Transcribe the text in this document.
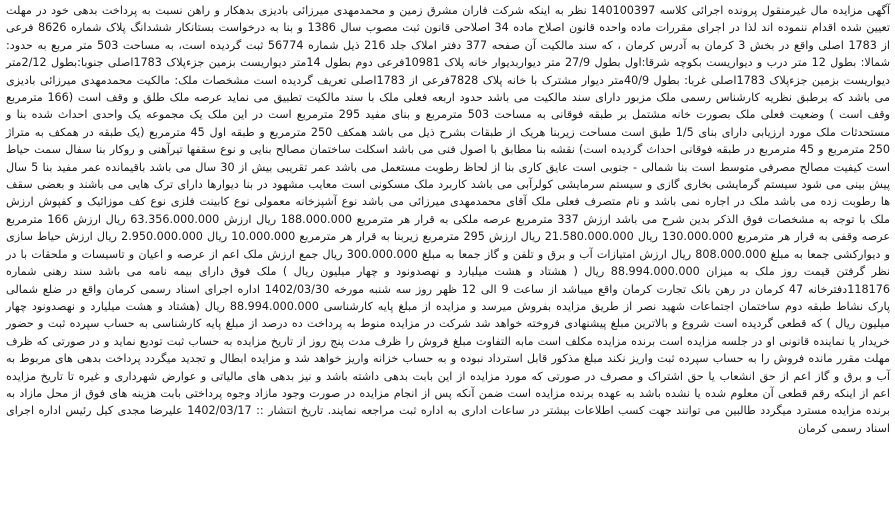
آگهی مزایده مال غیرمنقول پرونده اجرائی کلاسه 140100397 نظر به اینکه شرکت فاران مشرق زمین و محمدمهدی میرزائی بادیزی بدهکار و راهن نسبت به پرداخت بدهی خود در مهلت تعیین شده اقدام ننموده اند لذا در اجرای مقررات ماده واحده قانون اصلاح ماده 34 اصلاحی قانون ثبت مصوب سال 1386 و بنا به درخواست بستانکار ششدانگ پلاک شماره 8626 فرعی از 1783 اصلی واقع در بخش 3 کرمان به آدرس کرمان ، که سند مالکیت آن صفحه 377 دفتر املاک جلد 216 ذیل شماره 56774 ثبت گردیده است، به مساحت 503 متر مربع به حدود: شمالا: بطول 12 متر درب و دیواریست بکوچه شرقا:اول بطول 27/9 متر دیواربدیوار خانه پلاک 10981فرعی دوم بطول 14متر دیواریست بزمین جزءپلاک 1783اصلی جنوبا:بطول 2/12متر دیواریست بزمین جزءپلاک 1783اصلی غربا: بطول 40/9متر دیوار مشترک با خانه پلاک 7828فرعی از 1783اصلی تعریف گردیده است مشخصات ملک: مالکیت محمدمهدی میرزائی بادیزی می باشد که برطبق نظریه کارشناس رسمی ملک مزبور دارای سند مالکیت می باشد حدود اربعه فعلی ملک با سند مالکیت تطبیق می نماید عرصه ملک طلق و وقف است (166 مترمربع وقف است ) وضعیت فعلی ملک بصورت خانه مشتمل بر طبقه فوقانی به مساحت 503 مترمربع و بنای مفید 295 مترمربع است در این ملک یک مجموعه یک واحدی احداث شده بنا و مستحدثات ملک مورد ارزیابی دارای بنای 1/5 طبق است مساحت زیربنا هریک از طبقات بشرح ذیل می باشد همکف 250 مترمربع و طبقه اول 45 مترمربع (یک طبقه در همکف به متراژ 250 مترمربع و 45 مترمربع در طبقه فوقانی احداث گردیده است) نقشه بنا مطابق با اصول فنی می باشد اسکلت ساختمان مصالح بنایی و نوع سقفها تیرآهنی و روکار بنا سفال سمت حیاط است کیفیت مصالح مصرفی متوسط است بنا شمالی - جنوبی است عایق کاری بنا از لحاظ رطوبت مستعمل می باشد عمر تقریبی بیش از 30 سال می باشد باقیمانده عمر مفید بنا 5 سال پیش بینی می شود سیستم گرمایشی بخاری گازی و سیستم سرمایشی کولرآبی می باشد کاربرد ملک مسکونی است معایب مشهود در بنا دیوارها دارای ترک هایی می باشند و بعضی سقف ها رطوبت زده می باشد ملک در اجاره نمی باشد و نام متصرف فعلی ملک آقای محمدمهدی میرزائی می باشد نوع آشپزخانه معمولی نوع کابینت فلزی نوع کف موزائیک و کفپوش ارزش ملک با توجه به مشخصات فوق الذکر بدین شرح می باشد ارزش 337 مترمربع عرصه ملکی به قرار هر مترمربع 188.000.000 ریال ارزش 63.356.000.000 ریال ارزش 166 مترمربع عرصه وقفی به قرار هر مترمربع 130.000.000 ریال 21.580.000.000 ریال ارزش 295 مترمربع زیربنا به قرار هر مترمربع 10.000.000 ریال 2.950.000.000 ریال ارزش حیاط سازی و دیوارکشی جمعا به مبلغ 808.000.000 ریال ارزش امتیازات آب و برق و تلفن و گاز جمعا به مبلغ 300.000.000 ریال جمع ارزش ملک اعم از عرصه و اعیان و تاسیسات و ملحقات با در نظر گرفتن قیمت روز ملک به میزان 88.994.000.000 ریال ( هشتاد و هشت میلیارد و نهصدونود و چهار میلیون ریال ) ملک فوق دارای بیمه نامه می باشد سند رهنی شماره 118176دفترخانه 47 کرمان در رهن بانک تجارت کرمان واقع میباشد از ساعت 9 الی 12 ظهر روز سه شنبه مورخه 1402/03/30 اداره اجرای اسناد رسمی کرمان واقع در ضلع شمالی پارک نشاط طبقه دوم ساختمان اجتماعات شهید نصر از طریق مزایده بفروش میرسد و مزایده از مبلغ پایه کارشناسی 88.994.000.000 ریال (هشتاد و هشت میلیارد و نهصدونود چهار میلیون ریال ) که قطعی گردیده است شروع و بالاترین مبلغ پیشنهادی فروخته خواهد شد شرکت در مزایده منوط به پرداخت ده درصد از مبلغ پایه کارشناسی به حساب سپرده ثبت و حضور خریدار یا نماینده قانونی او در جلسه مزایده است برنده مزایده مکلف است مابه التفاوت مبلغ فروش را ظرف مدت پنج روز از تاریخ مزایده به حساب ثبت تودیع نماید و در صورتی که ظرف مهلت مقرر مانده فروش را به حساب سپرده ثبت واریز نکند مبلغ مذکور قابل استرداد نبوده و به حساب خزانه واریز خواهد شد و مزایده ابطال و تجدید میگردد پرداخت بدهی های مربوط به آب و برق و گاز اعم از حق انشعاب یا حق اشتراک و مصرف در صورتی که مورد مزایده از این بابت بدهی داشته باشد و نیز بدهی های مالیاتی و عوارض شهرداری و غیره تا تاریخ مزایده اعم از اینکه رقم قطعی آن معلوم شده یا نشده باشد به عهده برنده مزایده است ضمن آنکه پس از انجام مزایده در صورت وجود مازاد وجوه پرداختی بابت هزینه های فوق از محل مازاد به برنده مزایده مسترد میگردد طالبین می توانند جهت کسب اطلاعات بیشتر در ساعات اداری به اداره ثبت مراجعه نمایند. تاریخ انتشار :: 1402/03/17 علیرضا مجدی کیل رئیس اداره اجرای اسناد رسمی کرمان
